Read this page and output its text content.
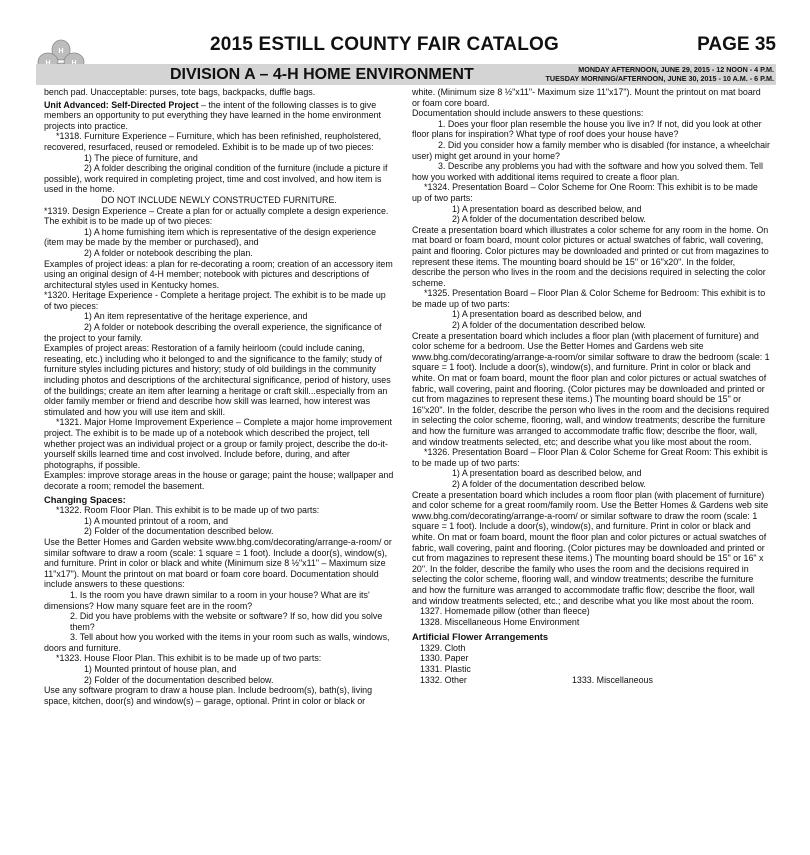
H	2015 ESTILL COUNTY FAIR CATALOG	PAGE 35
DIVISION A – 4-H HOME ENVIRONMENT	MONDAY AFTERNOON, JUNE 29, 2015 - 12 NOON - 4 P.M.
TUESDAY MORNING/AFTERNOON, JUNE 30, 2015 - 10 A.M. - 6 P.M.

bench pad. Unacceptable: purses, tote bags, backpacks, duffle bags.

Unit Advanced: Self-Directed Project – the intent of the following classes is to give members an opportunity to put everything they have learned in the home environment projects into practice.

*1318. Furniture Experience – Furniture, which has been refinished, reupholstered, recovered, resurfaced, reused or remodeled. Exhibit is to be made up of two pieces:

1) The piece of furniture, and

2) A folder describing the original condition of the furniture (include a picture if possible), work required in completing project, time and cost involved, and how item is used in the home.

DO NOT INCLUDE NEWLY CONSTRUCTED FURNITURE.

*1319. Design Experience – Create a plan for or actually complete a design experience. The exhibit is to be made up of two pieces:

1) A home furnishing item which is representative of the design experience (item may be made by the member or purchased), and

2) A folder or notebook describing the plan.

Examples of project ideas: a plan for re-decorating a room; creation of an accessory item using an original design of 4-H member; notebook with pictures and descriptions of architectural styles used in Kentucky homes.

*1320. Heritage Experience - Complete a heritage project. The exhibit is to be made up of two pieces:

1) An item representative of the heritage experience, and

2) A folder or notebook describing the overall experience, the significance of the project to your family.

Examples of project areas: Restoration of a family heirloom (could include caning, reseating, etc.) including who it belonged to and the significance to the family; study of furniture styles including pictures and history; study of old buildings in the community including photos and descriptions of the architectural significance, period of history, uses of the buildings; create an item after learning a heritage or craft skill...especially from an older family member or friend and describe how skill was learned, how interest was stimulated and how you will use item and skill.

*1321. Major Home Improvement Experience – Complete a major home improvement project. The exhibit is to be made up of a notebook which described the project, tell whether project was an individual project or a group or family project, describe the do-it-yourself skills learned time and cost involved. Include before, during, and after photographs, if possible.

Examples: improve storage areas in the house or garage; paint the house; wallpaper and decorate a room; remodel the basement.

Changing Spaces:

*1322. Room Floor Plan. This exhibit is to be made up of two parts:

1) A mounted printout of a room, and

2) Folder of the documentation described below.

Use the Better Homes and Garden website www.bhg.com/decorating/arrange-a-room/ or similar software to draw a room (scale: 1 square = 1 foot). Include a door(s), window(s), and furniture. Print in color or black and white (Minimum size 8 ½"x11" – Maximum size 11"x17"). Mount the printout on mat board or foam core board. Documentation should include answers to these questions:

1. Is the room you have drawn similar to a room in your house? What are its' dimensions? How many square feet are in the room?

2. Did you have problems with the website or software? If so, how did you solve them?

3. Tell about how you worked with the items in your room such as walls, windows, doors and furniture.

*1323. House Floor Plan. This exhibit is to be made up of two parts:

1) Mounted printout of house plan, and

2) Folder of the documentation described below.

Use any software program to draw a house plan. Include bedroom(s), bath(s), living space, kitchen, door(s) and window(s) – garage, optional. Print in color or black or

white. (Minimum size 8 ½"x11"- Maximum size 11"x17"). Mount the printout on mat board or foam core board.

Documentation should include answers to these questions:

1. Does your floor plan resemble the house you live in? If not, did you look at other floor plans for inspiration? What type of roof does your house have?

2. Did you consider how a family member who is disabled (for instance, a wheelchair user) might get around in your home?

3. Describe any problems you had with the software and how you solved them. Tell how you worked with additional items required to create a floor plan.

*1324. Presentation Board – Color Scheme for One Room: This exhibit is to be made up of two parts:

1) A presentation board as described below, and

2) A folder of the documentation described below.

Create a presentation board which illustrates a color scheme for any room in the home. On mat board or foam board, mount color pictures or actual swatches of fabric, wall covering, paint and flooring. Color pictures may be downloaded and printed or cut from magazines to represent these items. The mounting board should be 15" or 16"x20". In the folder, describe the person who lives in the room and the decisions required in selecting the color scheme.

*1325. Presentation Board – Floor Plan & Color Scheme for Bedroom: This exhibit is to be made up of two parts:

1) A presentation board as described below, and

2) A folder of the documentation described below.

Create a presentation board which includes a floor plan (with placement of furniture) and color scheme for a bedroom. Use the Better Homes and Gardens web site www.bhg.com/decorating/arrange-a-room/or similar software to draw the bedroom (scale: 1 square = 1 foot). Include a door(s), window(s), and furniture. Print in color or black and white. On mat or foam board, mount the floor plan and color pictures or actual swatches of fabric, wall covering, paint and flooring. (Color pictures may be downloaded and printed or cut from magazines to represent these items.) The mounting board should be 15" or 16"x20". In the folder, describe the person who lives in the room and the decisions required in selecting the color scheme, flooring, wall, and window treatments; describe the furniture and how the furniture was arranged to accommodate traffic flow; describe the floor, wall, and window treatments selected, etc; and describe what you like most about the room.

*1326. Presentation Board – Floor Plan & Color Scheme for Great Room: This exhibit is to be made up of two parts:

1) A presentation board as described below, and

2) A folder of the documentation described below.

Create a presentation board which includes a room floor plan (with placement of furniture) and color scheme for a great room/family room. Use the Better Homes & Gardens web site www.bhg.com/decorating/arrange-a-room/ or similar software to draw the room (scale: 1 square = 1 foot). Include a door(s), window(s), and furniture. Print in color or black and white. On mat or foam board, mount the floor plan and color pictures or actual swatches of fabric, wall covering, paint and flooring. (Color pictures may be downloaded and printed or cut from magazines to represent these items.) The mounting board should be 15" or 16" x 20". In the folder, describe the family who uses the room and the decisions required in selecting the color scheme, flooring wall, and window treatments; describe the furniture and how the furniture was arranged to accommodate traffic flow; describe the floor, wall and window treatments selected, etc.; and describe what you like most about the room.

1327. Homemade pillow (other than fleece)

1328. Miscellaneous Home Environment

Artificial Flower Arrangements

1329. Cloth

1330. Paper

1331. Plastic

1332. Other	1333. Miscellaneous
